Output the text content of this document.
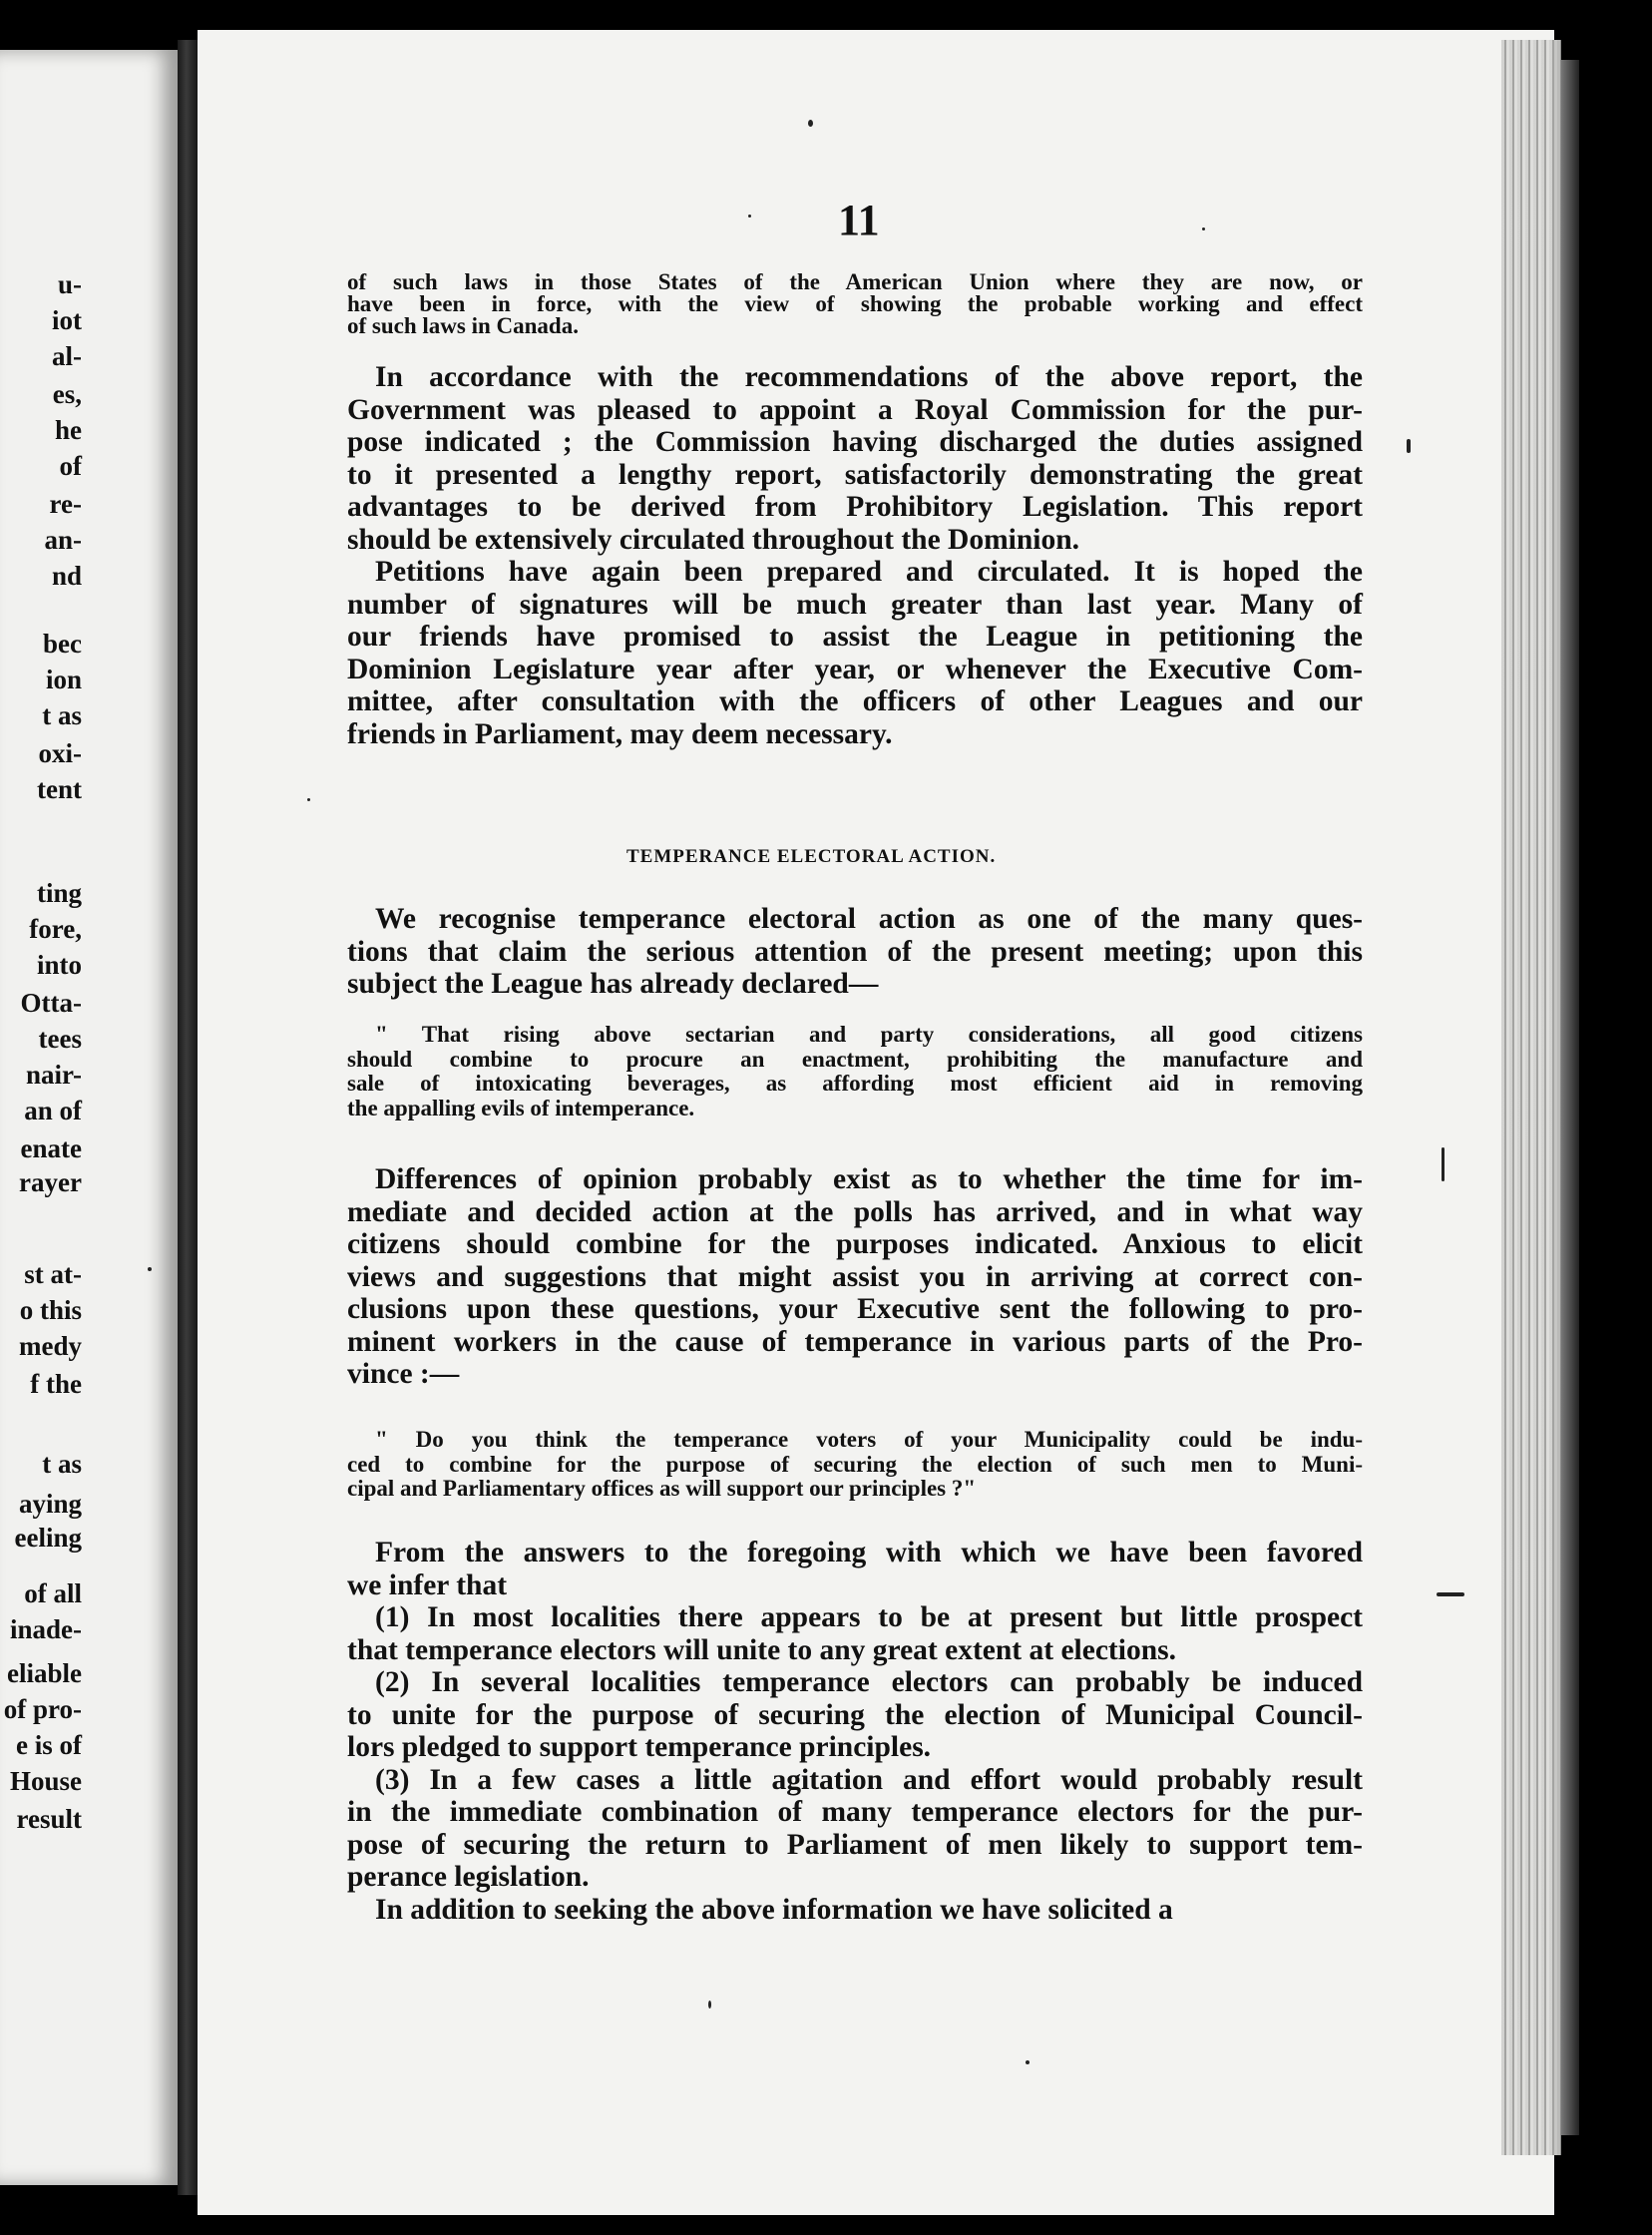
u-
iot
al-
es,
he
of
re-
an-
nd
bec
ion
t as
oxi-
tent
ting
fore,
into
Otta-
tees
nair-
an of
enate
rayer
st at-
o this
medy
f the
t as
aying
eeling
of all
inade-
eliable
of pro-
e is of
House
result
11
of such laws in those States of the American Union where they are now, or
have been in force, with the view of showing the probable working and effect
of such laws in Canada.
In accordance with the recommendations of the above report, the
Government was pleased to appoint a Royal Commission for the pur-
pose indicated ; the Commission having discharged the duties assigned
to it presented a lengthy report, satisfactorily demonstrating the great
advantages to be derived from Prohibitory Legislation. This report
should be extensively circulated throughout the Dominion.
Petitions have again been prepared and circulated. It is hoped the
number of signatures will be much greater than last year. Many of
our friends have promised to assist the League in petitioning the
Dominion Legislature year after year, or whenever the Executive Com-
mittee, after consultation with the officers of other Leagues and our
friends in Parliament, may deem necessary.
TEMPERANCE ELECTORAL ACTION.
We recognise temperance electoral action as one of the many ques-
tions that claim the serious attention of the present meeting; upon this
subject the League has already declared—
" That rising above sectarian and party considerations, all good citizens
should combine to procure an enactment, prohibiting the manufacture and
sale of intoxicating beverages, as affording most efficient aid in removing
the appalling evils of intemperance.
Differences of opinion probably exist as to whether the time for im-
mediate and decided action at the polls has arrived, and in what way
citizens should combine for the purposes indicated. Anxious to elicit
views and suggestions that might assist you in arriving at correct con-
clusions upon these questions, your Executive sent the following to pro-
minent workers in the cause of temperance in various parts of the Pro-
vince :—
" Do you think the temperance voters of your Municipality could be indu-
ced to combine for the purpose of securing the election of such men to Muni-
cipal and Parliamentary offices as will support our principles ?"
From the answers to the foregoing with which we have been favored
we infer that
(1) In most localities there appears to be at present but little prospect
that temperance electors will unite to any great extent at elections.
(2) In several localities temperance electors can probably be induced
to unite for the purpose of securing the election of Municipal Council-
lors pledged to support temperance principles.
(3) In a few cases a little agitation and effort would probably result
in the immediate combination of many temperance electors for the pur-
pose of securing the return to Parliament of men likely to support tem-
perance legislation.
In addition to seeking the above information we have solicited a
